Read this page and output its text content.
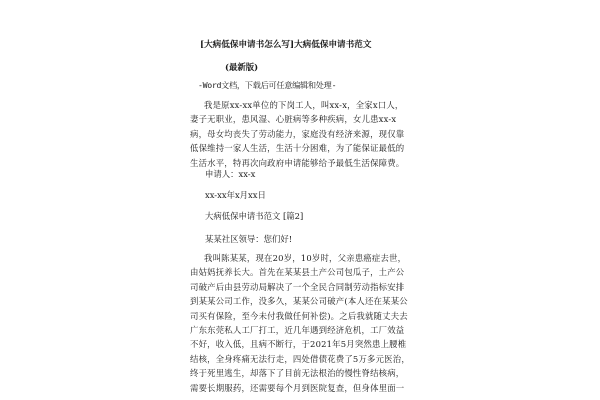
[大病低保申请书怎么写]大病低保申请书范文
(最新版)
-Word文档，下载后可任意编辑和处理-
我是原xx-xx单位的下岗工人，叫xx-x，全家x口人，妻子无职业，患风湿、心脏病等多种疾病，女儿患xx-x病，母女均丧失了劳动能力，家庭没有经济来源，现仅靠低保维持一家人生活，生活十分困难，为了能保证最低的生活水平，特再次向政府申请能够给予最低生活保障费。
申请人：xx-x
xx-xx年x月xx日
大病低保申请书范文 [篇2]
某某社区领导：您们好!
我叫陈某某，现在20岁，10岁时，父亲患癌症去世，由姑妈抚养长大。首先在某某县土产公司包瓜子，土产公司破产后由县劳动局解决了一个全民合同制劳动指标安排到某某公司工作，没多久，某某公司破产(本人还在某某公司买有保险，至今未付我做任何补偿)。之后我就随丈夫去广东东莞私人工厂打工，近几年遇到经济危机，工厂效益不好，收入低，且病不断行，于2021年5月突然患上腰椎结核，全身疼痛无法行走，四处借债花费了5万多元医治，终于死里逃生，却落下了目前无法根治的慢性脊结核病，需要长期服药，还需要每个月到医院复查，但身体里面一
